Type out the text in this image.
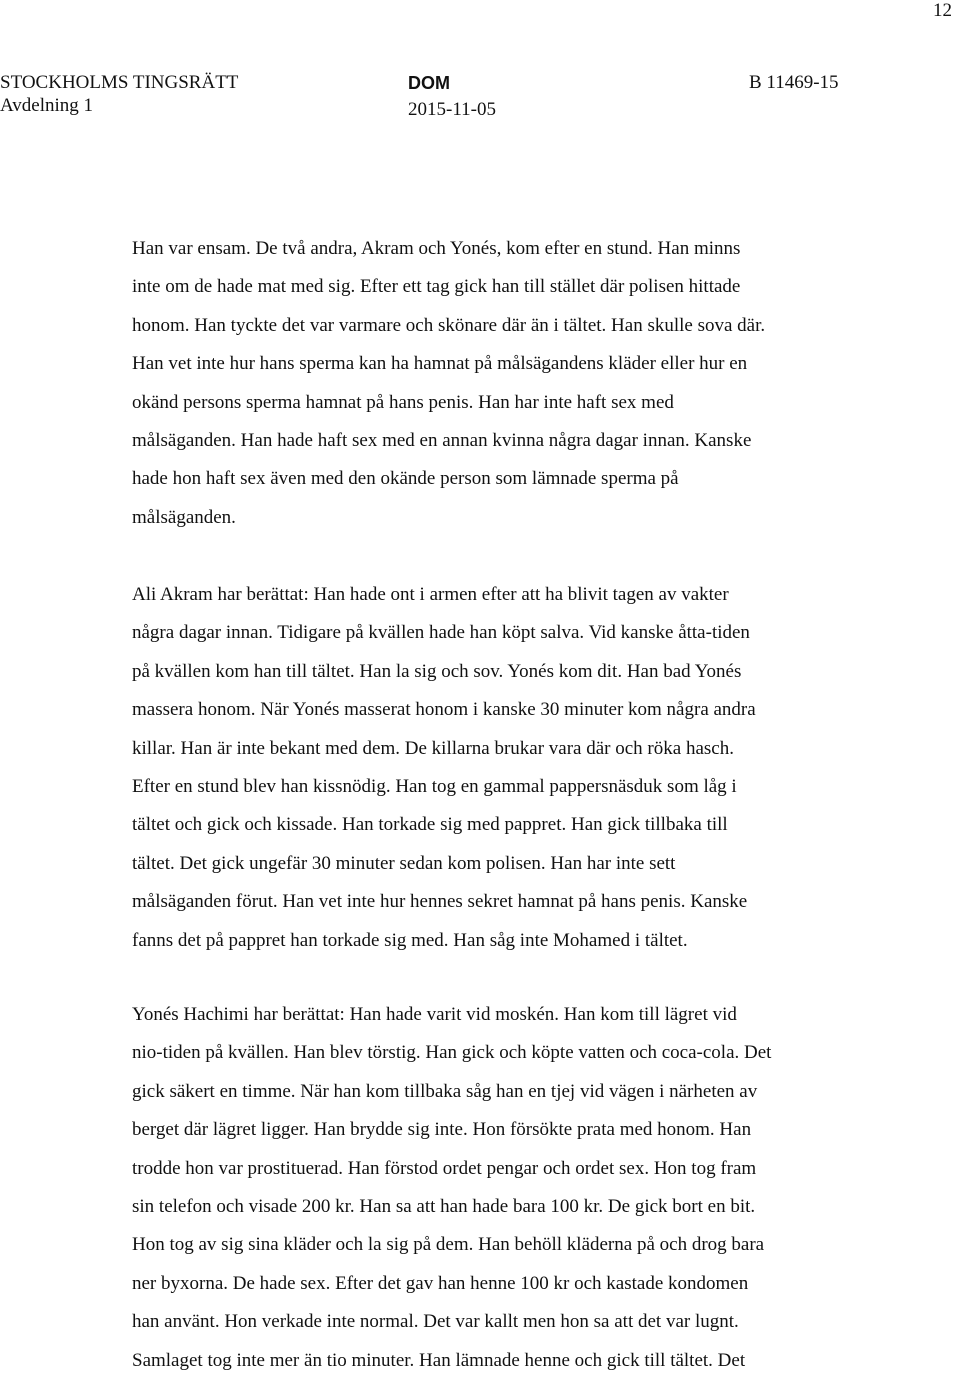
12
STOCKHOLMS TINGSRÄTT
Avdelning 1
DOM
2015-11-05
B 11469-15
Han var ensam. De två andra, Akram och Yonés, kom efter en stund. Han minns
inte om de hade mat med sig. Efter ett tag gick han till stället där polisen hittade
honom. Han tyckte det var varmare och skönare där än i tältet. Han skulle sova där.
Han vet inte hur hans sperma kan ha hamnat på målsägandens kläder eller hur en
okänd persons sperma hamnat på hans penis. Han har inte haft sex med
målsäganden. Han hade haft sex med en annan kvinna några dagar innan. Kanske
hade hon haft sex även med den okände person som lämnade sperma på
målsäganden.
Ali Akram har berättat: Han hade ont i armen efter att ha blivit tagen av vakter
några dagar innan. Tidigare på kvällen hade han köpt salva. Vid kanske åtta-tiden
på kvällen kom han till tältet. Han la sig och sov. Yonés kom dit. Han bad Yonés
massera honom. När Yonés masserat honom i kanske 30 minuter kom några andra
killar. Han är inte bekant med dem. De killarna brukar vara där och röka hasch.
Efter en stund blev han kissnödig. Han tog en gammal pappersnäsduk som låg i
tältet och gick och kissade. Han torkade sig med pappret. Han gick tillbaka till
tältet. Det gick ungefär 30 minuter sedan kom polisen. Han har inte sett
målsäganden förut. Han vet inte hur hennes sekret hamnat på hans penis. Kanske
fanns det på pappret han torkade sig med. Han såg inte Mohamed i tältet.
Yonés Hachimi har berättat: Han hade varit vid moskén. Han kom till lägret vid
nio-tiden på kvällen. Han blev törstig. Han gick och köpte vatten och coca-cola. Det
gick säkert en timme. När han kom tillbaka såg han en tjej vid vägen i närheten av
berget där lägret ligger. Han brydde sig inte. Hon försökte prata med honom. Han
trodde hon var prostituerad. Han förstod ordet pengar och ordet sex. Hon tog fram
sin telefon och visade 200 kr. Han sa att han hade bara 100 kr. De gick bort en bit.
Hon tog av sig sina kläder och la sig på dem. Han behöll kläderna på och drog bara
ner byxorna. De hade sex. Efter det gav han henne 100 kr och kastade kondomen
han använt. Hon verkade inte normal. Det var kallt men hon sa att det var lugnt.
Samlaget tog inte mer än tio minuter. Han lämnade henne och gick till tältet. Det
